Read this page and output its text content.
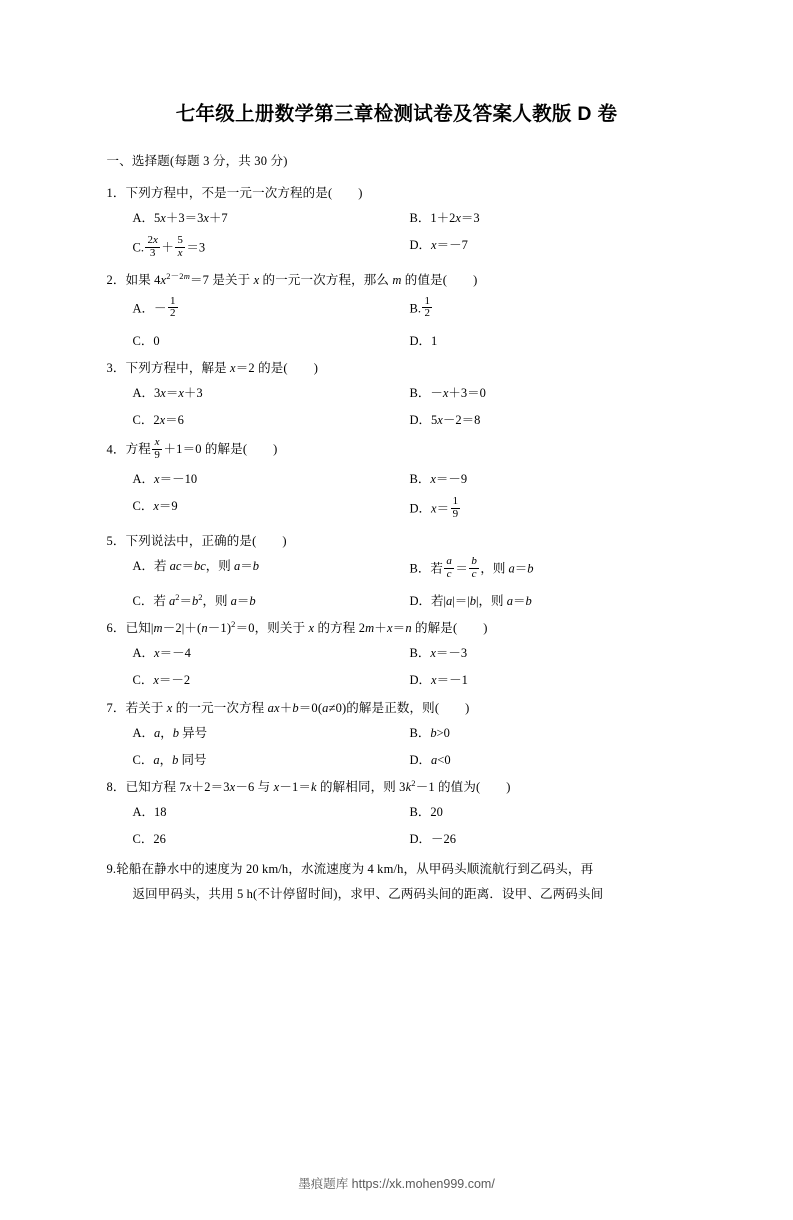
七年级上册数学第三章检测试卷及答案人教版 D 卷
一、选择题(每题 3 分，共 30 分)
1．下列方程中，不是一元一次方程的是( )
A．5x＋3＝3x＋7	B．1＋2x＝3
C. $\frac{2x}{3} + \frac{5}{x} =3$	D．x＝－7
2．如果 $4x^{2-2m}=7$ 是关于 x 的一元一次方程，那么 m 的值是( )
A．－ $\frac{1}{2}$	B. $\frac{1}{2}$
C．0	D．1
3．下列方程中，解是 x＝2 的是( )
A．3x＝x＋3	B．－x＋3＝0
C．2x＝6	D．5x－2＝8
4．方程 $\frac{x}{9} +1=0$ 的解是( )
A．x＝－10	B．x＝－9
C．x＝9	D．$x= \frac{1}{9}$
5．下列说法中，正确的是( )
A．若 ac＝bc，则 a＝b	B．若 $\frac{a}{c} = \frac{b}{c}$ ，则 a＝b
C．若 $a^2=b^2$，则 a＝b	D．若|a|＝|b|，则 a＝b
6．已知$|m-2|+(n-1)^2=0$，则关于 x 的方程 2m＋x＝n 的解是( )
A．x＝－4	B．x＝－3
C．x＝－2	D．x＝－1
7．若关于 x 的一元一次方程 ax＋b＝0(a≠0)的解是正数，则( )
A．a，b 异号	B．b>0
C．a，b 同号	D．a<0
8．已知方程 7x＋2＝3x－6 与 x－1＝k 的解相同，则 $3k^2-1$ 的值为( )
A．18	B．20
C．26	D．－26
9.轮船在静水中的速度为 20 km/h，水流速度为 4 km/h，从甲码头顺流航行到乙码头，再
返回甲码头，共用 5 h(不计停留时间)，求甲、乙两码头间的距离．设甲、乙两码头间
墨痕题库 https://xk.mohen999.com/
